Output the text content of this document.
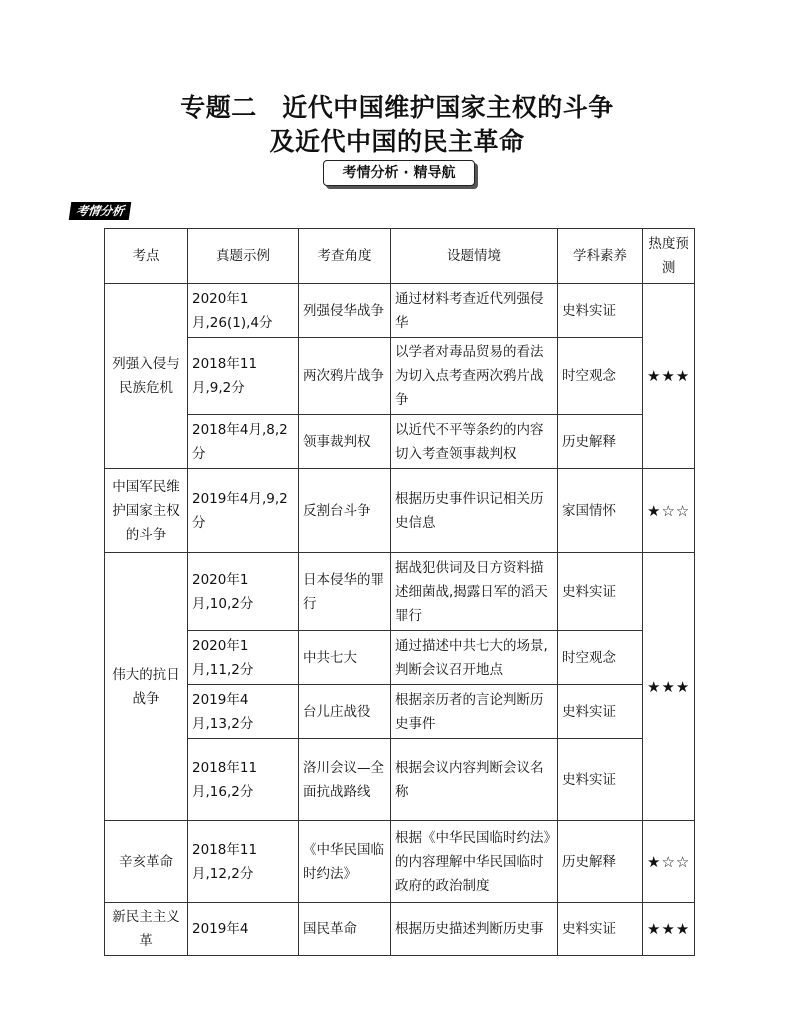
专题二　近代中国维护国家主权的斗争
及近代中国的民主革命
考情分析 · 精导航
考情分析
考点	真题示例	考查角度	设题情境	学科素养	热度预测
列强入侵与民族危机	2020年1月,26(1),4分	列强侵华战争	通过材料考查近代列强侵华	史料实证	★★★
	2018年11月,9,2分	两次鸦片战争	以学者对毒品贸易的看法为切入点考查两次鸦片战争	时空观念	
	2018年4月,8,2分	领事裁判权	以近代不平等条约的内容切入考查领事裁判权	历史解释	
中国军民维护国家主权的斗争	2019年4月,9,2分	反割台斗争	根据历史事件识记相关历史信息	家国情怀	★☆☆
伟大的抗日战争	2020年1月,10,2分	日本侵华的罪行	据战犯供词及日方资料描述细菌战,揭露日军的滔天罪行	史料实证	★★★
	2020年1月,11,2分	中共七大	通过描述中共七大的场景,判断会议召开地点	时空观念	
	2019年4月,13,2分	台儿庄战役	根据亲历者的言论判断历史事件	史料实证	
	2018年11月,16,2分	洛川会议—全面抗战路线	根据会议内容判断会议名称	史料实证	
辛亥革命	2018年11月,12,2分	《中华民国临时约法》	根据《中华民国临时约法》的内容理解中华民国临时政府的政治制度	历史解释	★☆☆
新民主主义革	2019年4	国民革命	根据历史描述判断历史事	史料实证	★★★
